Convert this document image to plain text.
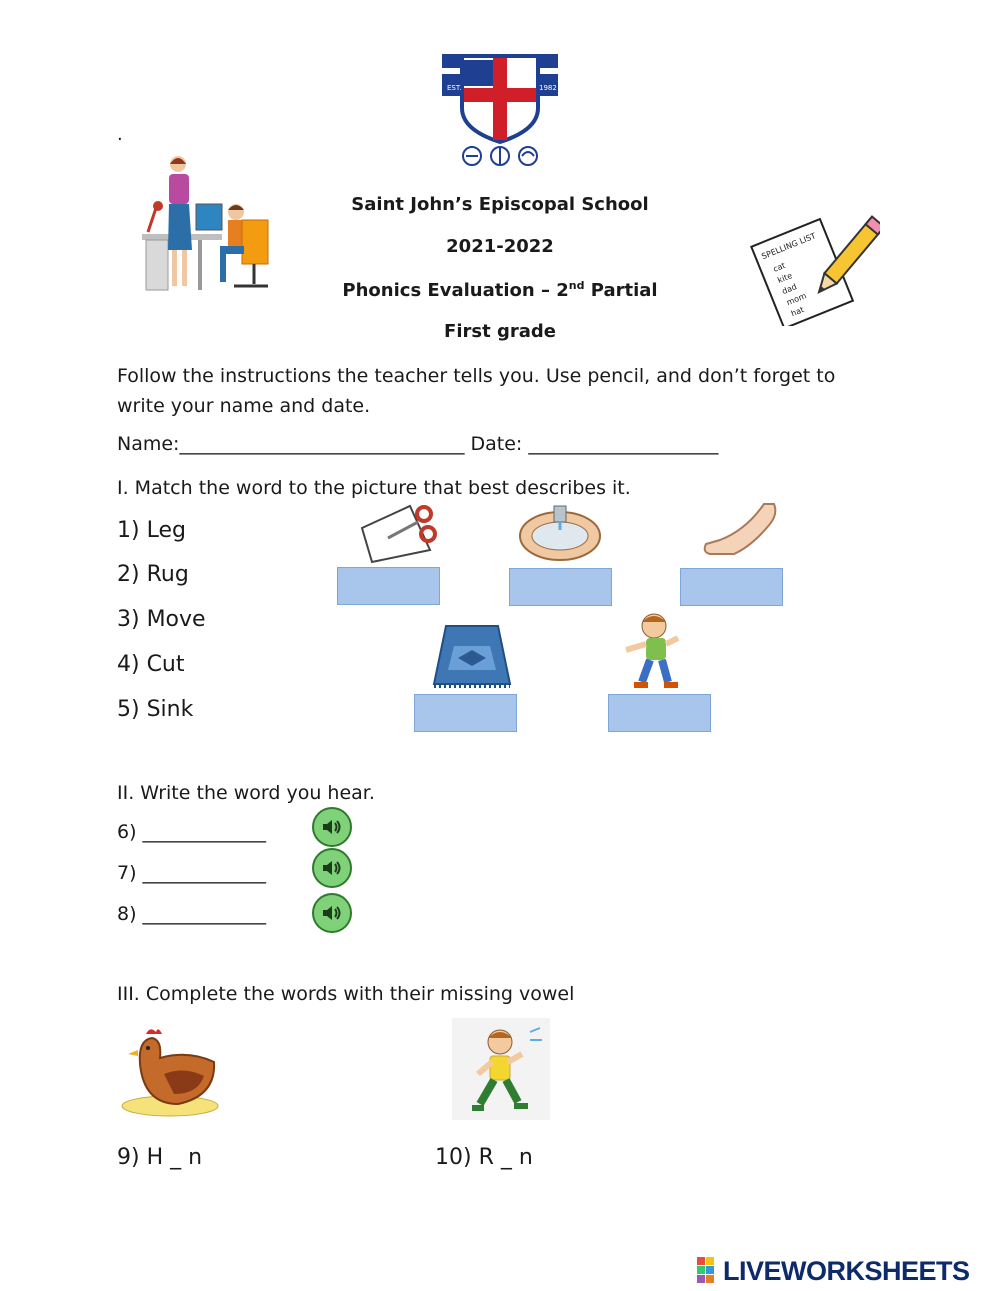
EST.	1982
.
Saint John’s Episcopal School
2021-2022
Phonics Evaluation – 2nd Partial
First grade
SPELLING LIST
cat
kite
dad
mom
hat
Follow the instructions the teacher tells you. Use pencil, and don’t forget to write your name and date.
Name:______________________________ Date: ____________________
I. Match the word to the picture that best describes it.
1) Leg
2) Rug
3) Move
4) Cut
5) Sink
II. Write the word you hear.
6) _____________
7) _____________
8) _____________
III. Complete the words with their missing vowel
9) H _ n	10) R _ n
LIVEWORKSHEETS
